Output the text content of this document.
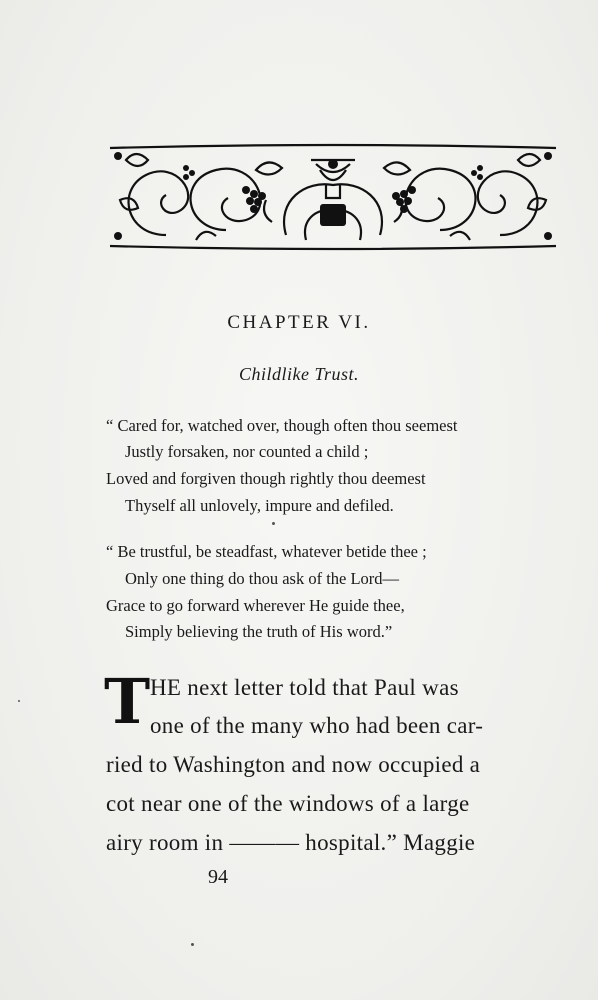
CHAPTER VI.
Childlike Trust.
“ Cared for, watched over, though often thou seemest
Justly forsaken, nor counted a child ;
Loved and forgiven though rightly thou deemest
Thyself all unlovely, impure and defiled.
“ Be trustful, be steadfast, whatever betide thee ;
Only one thing do thou ask of the Lord—
Grace to go forward wherever He guide thee,
Simply believing the truth of His word.”
T HE next letter told that Paul was
one of the many who had been car-
ried to Washington and now occupied a
cot near one of the windows of a large
airy room in ——— hospital.” Maggie
94
